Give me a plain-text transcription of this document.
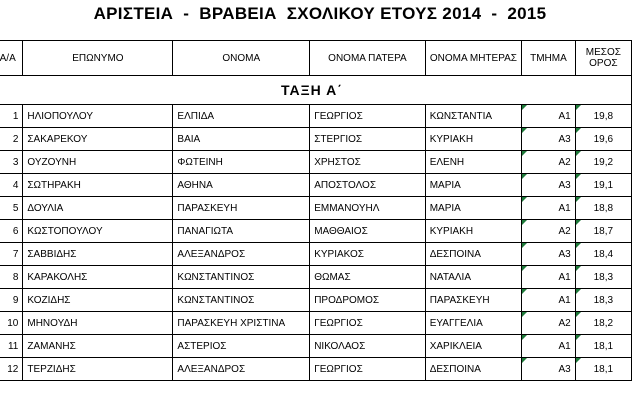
ΑΡΙΣΤΕΙΑ  -  ΒΡΑΒΕΙΑ  ΣΧΟΛΙΚΟΥ ΕΤΟΥΣ 2014  -  2015
Α/Α	ΕΠΩΝΥΜΟ	ΟΝΟΜΑ	ΟΝΟΜΑ ΠΑΤΕΡΑ	ΟΝΟΜΑ ΜΗΤΕΡΑΣ	ΤΜΗΜΑ	ΜΕΣΟΣ ΟΡΟΣ
ΤΑΞΗ Α΄						
1	ΗΛΙΟΠΟΥΛΟΥ	ΕΛΠΙΔΑ	ΓΕΩΡΓΙΟΣ	ΚΩΝΣΤΑΝΤΙΑ	Α1	19,8
2	ΣΑΚΑΡΕΚΟΥ	ΒΑΙΑ	ΣΤΕΡΓΙΟΣ	ΚΥΡΙΑΚΗ	Α3	19,6
3	ΟΥΖΟΥΝΗ	ΦΩΤΕΙΝΗ	ΧΡΗΣΤΟΣ	ΕΛΕΝΗ	Α2	19,2
4	ΣΩΤΗΡΑΚΗ	ΑΘΗΝΑ	ΑΠΟΣΤΟΛΟΣ	ΜΑΡΙΑ	Α3	19,1
5	ΔΟΥΛΙΑ	ΠΑΡΑΣΚΕΥΗ	ΕΜΜΑΝΟΥΗΛ	ΜΑΡΙΑ	Α1	18,8
6	ΚΩΣΤΟΠΟΥΛΟΥ	ΠΑΝΑΓΙΩΤΑ	ΜΑΘΘΑΙΟΣ	ΚΥΡΙΑΚΗ	Α2	18,7
7	ΣΑΒΒΙΔΗΣ	ΑΛΕΞΑΝΔΡΟΣ	ΚΥΡΙΑΚΟΣ	ΔΕΣΠΟΙΝΑ	Α3	18,4
8	ΚΑΡΑΚΟΛΗΣ	ΚΩΝΣΤΑΝΤΙΝΟΣ	ΘΩΜΑΣ	ΝΑΤΑΛΙΑ	Α1	18,3
9	ΚΟΖΙΔΗΣ	ΚΩΝΣΤΑΝΤΙΝΟΣ	ΠΡΟΔΡΟΜΟΣ	ΠΑΡΑΣΚΕΥΗ	Α1	18,3
10	ΜΗΝΟΥΔΗ	ΠΑΡΑΣΚΕΥΗ ΧΡΙΣΤΙΝΑ	ΓΕΩΡΓΙΟΣ	ΕΥΑΓΓΕΛΙΑ	Α2	18,2
11	ΖΑΜΑΝΗΣ	ΑΣΤΕΡΙΟΣ	ΝΙΚΟΛΑΟΣ	ΧΑΡΙΚΛΕΙΑ	Α1	18,1
12	ΤΕΡΖΙΔΗΣ	ΑΛΕΞΑΝΔΡΟΣ	ΓΕΩΡΓΙΟΣ	ΔΕΣΠΟΙΝΑ	Α3	18,1
